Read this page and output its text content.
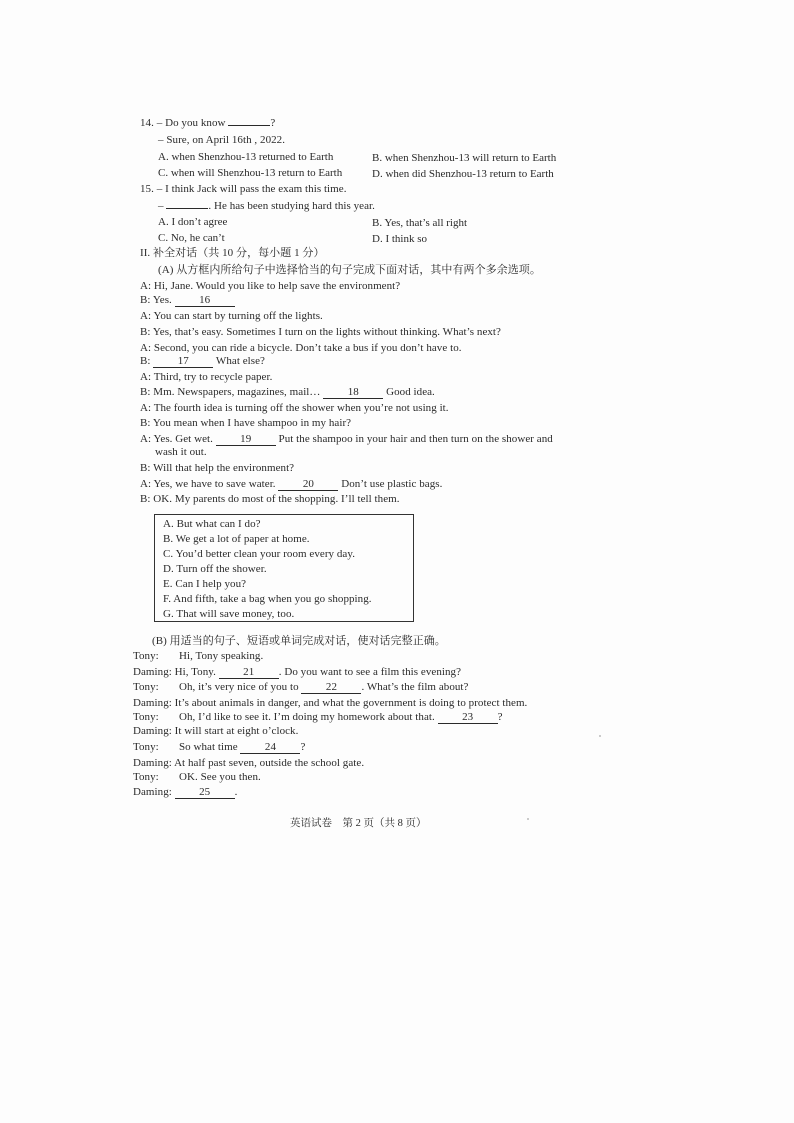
14. – Do you know	?
– Sure, on April 16th , 2022.
A. when Shenzhou-13 returned to Earth	B. when Shenzhou-13 will return to Earth
C. when will Shenzhou-13 return to Earth	D. when did Shenzhou-13 return to Earth
15. – I think Jack will pass the exam this time.
–	. He has been studying hard this year.
A. I don’t agree	B. Yes, that’s all right
C. No, he can’t	D. I think so
II. 补全对话（共 10 分，每小题 1 分）
(A) 从方框内所给句子中选择恰当的句子完成下面对话，其中有两个多余选项。
A: Hi, Jane. Would you like to help save the environment?
B: Yes. 16
A: You can start by turning off the lights.
B: Yes, that’s easy. Sometimes I turn on the lights without thinking. What’s next?
A: Second, you can ride a bicycle. Don’t take a bus if you don’t have to.
B: 17 What else?
A: Third, try to recycle paper.
B: Mm. Newspapers, magazines, mail… 18 Good idea.
A: The fourth idea is turning off the shower when you’re not using it.
B: You mean when I have shampoo in my hair?
A: Yes. Get wet. 19 Put the shampoo in your hair and then turn on the shower and
wash it out.
B: Will that help the environment?
A: Yes, we have to save water. 20 Don’t use plastic bags.
B: OK. My parents do most of the shopping. I’ll tell them.
A. But what can I do?
B. We get a lot of paper at home.
C. You’d better clean your room every day.
D. Turn off the shower.
E. Can I help you?
F. And fifth, take a bag when you go shopping.
G. That will save money, too.
(B) 用适当的句子、短语或单词完成对话，使对话完整正确。
Tony: Hi, Tony speaking.
Daming: Hi, Tony. 21 . Do you want to see a film this evening?
Tony: Oh, it’s very nice of you to 22 . What’s the film about?
Daming: It’s about animals in danger, and what the government is doing to protect them.
Tony: Oh, I’d like to see it. I’m doing my homework about that. 23 ?
Daming: It will start at eight o’clock.
Tony: So what time 24 ?
Daming: At half past seven, outside the school gate.
Tony: OK. See you then.
Daming: 25 .
英语试卷　第 2 页（共 8 页）
